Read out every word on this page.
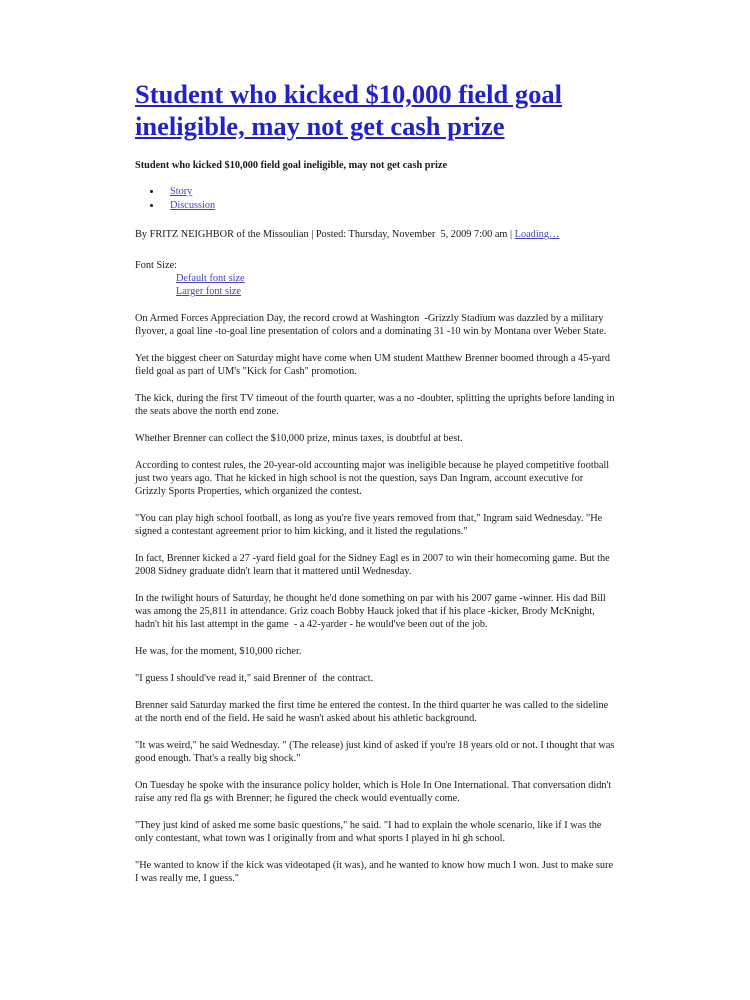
Student who kicked $10,000 field goal ineligible, may not get cash prize

Student who kicked $10,000 field goal ineligible, may not get cash prize

• Story
• Discussion

By FRITZ NEIGHBOR of the Missoulian | Posted: Thursday, November  5, 2009 7:00 am | Loading…

Font Size:
Default font size
Larger font size

On Armed Forces Appreciation Day, the record crowd at Washington  -Grizzly Stadium was dazzled by a military flyover, a goal line -to-goal line presentation of colors and a dominating 31 -10 win by Montana over Weber State.

Yet the biggest cheer on Saturday might have come when UM student Matthew Brenner boomed through a 45-yard field goal as part of UM's "Kick for Cash" promotion.

The kick, during the first TV timeout of the fourth quarter, was a no -doubter, splitting the uprights before landing in the seats above the north end zone.

Whether Brenner can collect the $10,000 prize, minus taxes, is doubtful at best.

According to contest rules, the 20-year-old accounting major was ineligible because he played competitive football just two years ago. That he kicked in high school is not the question, says Dan Ingram, account executive for Grizzly Sports Properties, which organized the contest.

"You can play high school football, as long as you're five years removed from that," Ingram said Wednesday. "He signed a contestant agreement prior to him kicking, and it listed the regulations."

In fact, Brenner kicked a 27 -yard field goal for the Sidney Eagl es in 2007 to win their homecoming game. But the 2008 Sidney graduate didn't learn that it mattered until Wednesday.

In the twilight hours of Saturday, he thought he'd done something on par with his 2007 game -winner. His dad Bill was among the 25,811 in attendance. Griz coach Bobby Hauck joked that if his place -kicker, Brody McKnight, hadn't hit his last attempt in the game  - a 42-yarder - he would've been out of the job.

He was, for the moment, $10,000 richer.

"I guess I should've read it," said Brenner of  the contract.

Brenner said Saturday marked the first time he entered the contest. In the third quarter he was called to the sideline at the north end of the field. He said he wasn't asked about his athletic background.

"It was weird," he said Wednesday. " (The release) just kind of asked if you're 18 years old or not. I thought that was good enough. That's a really big shock."

On Tuesday he spoke with the insurance policy holder, which is Hole In One International. That conversation didn't raise any red fla gs with Brenner; he figured the check would eventually come.

"They just kind of asked me some basic questions," he said. "I had to explain the whole scenario, like if I was the only contestant, what town was I originally from and what sports I played in hi gh school.

"He wanted to know if the kick was videotaped (it was), and he wanted to know how much I won. Just to make sure I was really me, I guess."
